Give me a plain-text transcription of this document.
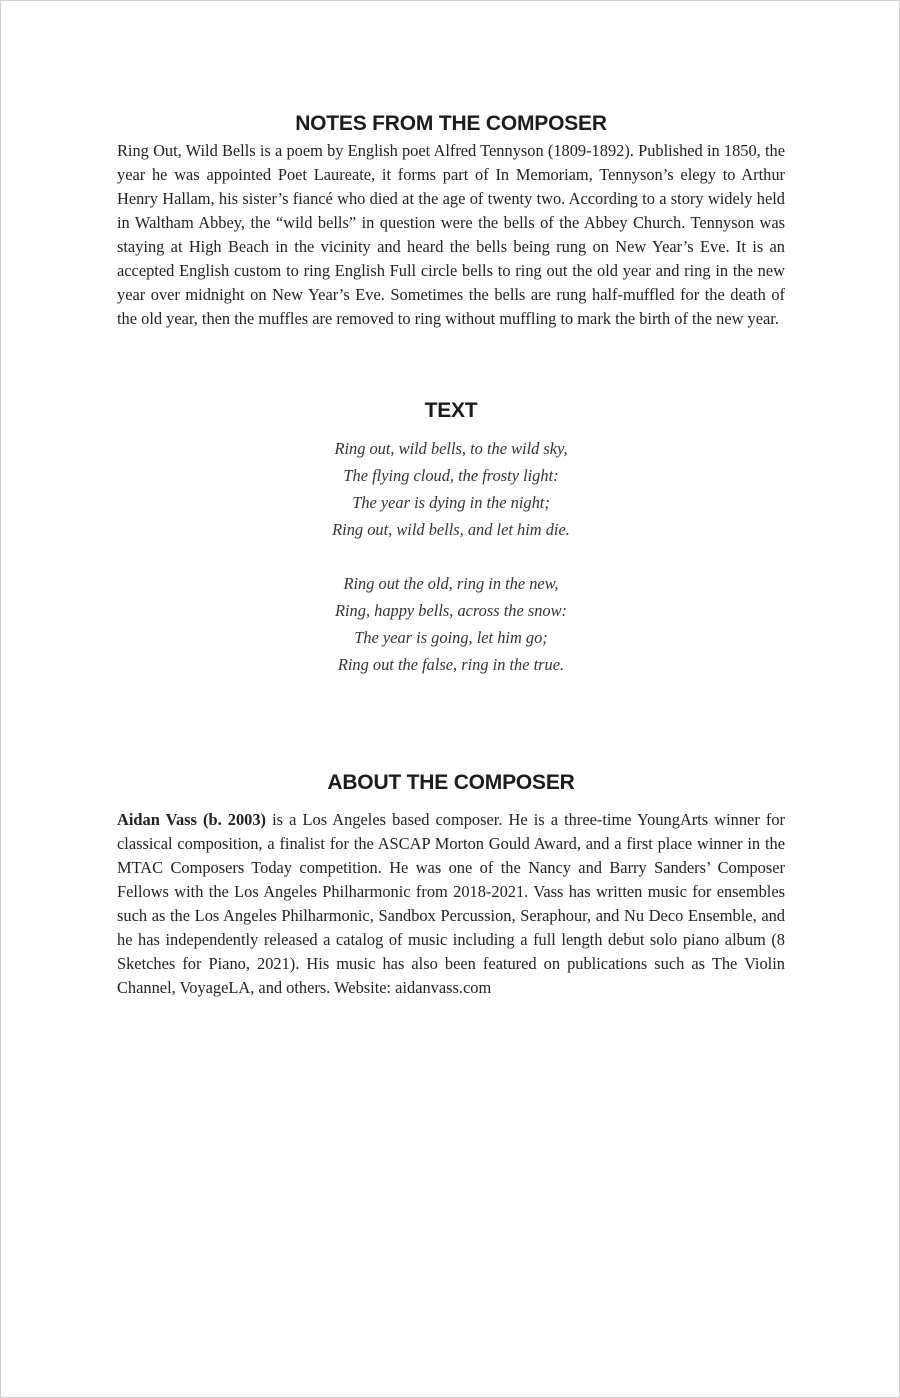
NOTES FROM THE COMPOSER

Ring Out, Wild Bells is a poem by English poet Alfred Tennyson (1809-1892). Published in 1850, the year he was appointed Poet Laureate, it forms part of In Memoriam, Tennyson’s elegy to Arthur Henry Hallam, his sister’s fiancé who died at the age of twenty two. According to a story widely held in Waltham Abbey, the “wild bells” in question were the bells of the Abbey Church. Tennyson was staying at High Beach in the vicinity and heard the bells being rung on New Year’s Eve. It is an accepted English custom to ring English Full circle bells to ring out the old year and ring in the new year over midnight on New Year’s Eve. Sometimes the bells are rung half-muffled for the death of the old year, then the muffles are removed to ring without muffling to mark the birth of the new year.

TEXT

Ring out, wild bells, to the wild sky,
The flying cloud, the frosty light:
The year is dying in the night;
Ring out, wild bells, and let him die.

Ring out the old, ring in the new,
Ring, happy bells, across the snow:
The year is going, let him go;
Ring out the false, ring in the true.

ABOUT THE COMPOSER

Aidan Vass (b. 2003) is a Los Angeles based composer. He is a three-time YoungArts winner for classical composition, a finalist for the ASCAP Morton Gould Award, and a first place winner in the MTAC Composers Today competition. He was one of the Nancy and Barry Sanders’ Composer Fellows with the Los Angeles Philharmonic from 2018-2021. Vass has written music for ensembles such as the Los Angeles Philharmonic, Sandbox Percussion, Seraphour, and Nu Deco Ensemble, and he has independently released a catalog of music including a full length debut solo piano album (8 Sketches for Piano, 2021). His music has also been featured on publications such as The Violin Channel, VoyageLA, and others. Website: aidanvass.com
